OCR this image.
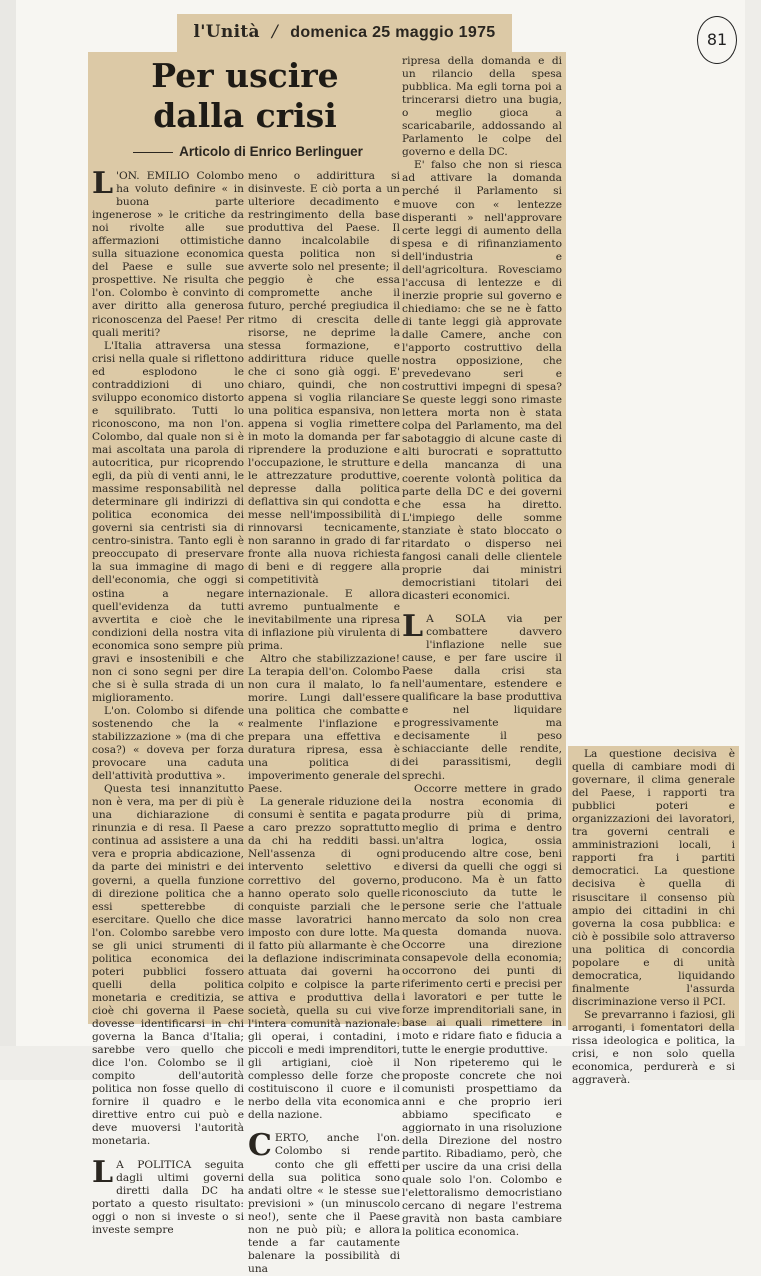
l'Unità / domenica 25 maggio 1975	81
Per uscire
dalla crisi
Articolo di Enrico Berlinguer

L 'ON. EMILIO Colombo ha voluto definire « in buona parte ingenerose » le critiche da noi rivolte alle sue affermazioni ottimistiche sulla situazione economica del Paese e sulle sue prospettive. Ne risulta che l'on. Colombo è convinto di aver diritto alla generosa riconoscenza del Paese! Per quali meriti?

L'Italia attraversa una crisi nella quale si riflettono ed esplodono le contraddizioni di uno sviluppo economico distorto e squilibrato. Tutti lo riconoscono, ma non l'on. Colombo, dal quale non si è mai ascoltata una parola di autocritica, pur ricoprendo egli, da più di venti anni, le massime responsabilità nel determinare gli indirizzi di politica economica dei governi sia centristi sia di centro-sinistra. Tanto egli è preoccupato di preservare la sua immagine di mago dell'economia, che oggi si ostina a negare quell'evidenza da tutti avvertita e cioè che le condizioni della nostra vita economica sono sempre più gravi e insostenibili e che non ci sono segni per dire che si è sulla strada di un miglioramento.

L'on. Colombo si difende sostenendo che la « stabilizzazione » (ma di che cosa?) « doveva per forza provocare una caduta dell'attività produttiva ».

Questa tesi innanzitutto non è vera, ma per di più è una dichiarazione di rinunzia e di resa. Il Paese continua ad assistere a una vera e propria abdicazione, da parte dei ministri e dei governi, a quella funzione di direzione politica che a essi spetterebbe di esercitare. Quello che dice l'on. Colombo sarebbe vero se gli unici strumenti di politica economica dei poteri pubblici fossero quelli della politica monetaria e creditizia, se cioè chi governa il Paese dovesse identificarsi in chi governa la Banca d'Italia; sarebbe vero quello che dice l'on. Colombo se il compito dell'autorità politica non fosse quello di fornire il quadro e le direttive entro cui può e deve muoversi l'autorità monetaria.

L A POLITICA seguita dagli ultimi governi diretti dalla DC ha portato a questo risultato: oggi o non si investe o si investe sempre

meno o addirittura si disinveste. E ciò porta a un ulteriore decadimento e restringimento della base produttiva del Paese. Il danno incalcolabile di questa politica non si avverte solo nel presente; il peggio è che essa compromette anche il futuro, perché pregiudica il ritmo di crescita delle risorse, ne deprime la stessa formazione, e addirittura riduce quelle che ci sono già oggi. E' chiaro, quindi, che non appena si voglia rilanciare una politica espansiva, non appena si voglia rimettere in moto la domanda per far riprendere la produzione e l'occupazione, le strutture e le attrezzature produttive, depresse dalla politica deflattiva sin qui condotta e messe nell'impossibilità di rinnovarsi tecnicamente, non saranno in grado di far fronte alla nuova richiesta di beni e di reggere alla competitività internazionale. E allora avremo puntualmente e inevitabilmente una ripresa di inflazione più virulenta di prima.

Altro che stabilizzazione! La terapia dell'on. Colombo non cura il malato, lo fa morire. Lungi dall'essere una politica che combatte realmente l'inflazione e prepara una effettiva e duratura ripresa, essa è una politica di impoverimento generale del Paese.

La generale riduzione dei consumi è sentita e pagata a caro prezzo soprattutto da chi ha redditi bassi. Nell'assenza di ogni intervento selettivo e correttivo del governo, hanno operato solo quelle conquiste parziali che le masse lavoratrici hanno imposto con dure lotte. Ma il fatto più allarmante è che la deflazione indiscriminata attuata dai governi ha colpito e colpisce la parte attiva e produttiva della società, quella su cui vive l'intera comunità nazionale: gli operai, i contadini, i piccoli e medi imprenditori, gli artigiani, cioè il complesso delle forze che costituiscono il cuore e il nerbo della vita economica della nazione.

CERTO, anche l'on. Colombo si rende conto che gli effetti della sua politica sono andati oltre « le stesse sue previsioni » (un minuscolo neo!), sente che il Paese non ne può più; e allora tende a far cautamente balenare la possibilità di una

ripresa della domanda e di un rilancio della spesa pubblica. Ma egli torna poi a trincerarsi dietro una bugia, o meglio gioca a scaricabarile, addossando al Parlamento le colpe del governo e della DC.

E' falso che non si riesca ad attivare la domanda perché il Parlamento si muove con « lentezze disperanti » nell'approvare certe leggi di aumento della spesa e di rifinanziamento dell'industria e dell'agricoltura. Rovesciamo l'accusa di lentezze e di inerzie proprie sul governo e chiediamo: che se ne è fatto di tante leggi già approvate dalle Camere, anche con l'apporto costruttivo della nostra opposizione, che prevedevano seri e costruttivi impegni di spesa? Se queste leggi sono rimaste lettera morta non è stata colpa del Parlamento, ma del sabotaggio di alcune caste di alti burocrati e soprattutto della mancanza di una coerente volontà politica da parte della DC e dei governi che essa ha diretto. L'impiego delle somme stanziate è stato bloccato o ritardato o disperso nei fangosi canali delle clientele proprie dai ministri democristiani titolari dei dicasteri economici.

L A SOLA via per combattere davvero l'inflazione nelle sue cause, e per fare uscire il Paese dalla crisi sta nell'aumentare, estendere e qualificare la base produttiva e nel liquidare progressivamente ma decisamente il peso schiacciante delle rendite, dei parassitismi, degli sprechi.

Occorre mettere in grado la nostra economia di produrre più di prima, meglio di prima e dentro un'altra logica, ossia producendo altre cose, beni diversi da quelli che oggi si producono. Ma è un fatto riconosciuto da tutte le persone serie che l'attuale mercato da solo non crea questa domanda nuova. Occorre una direzione consapevole della economia; occorrono dei punti di riferimento certi e precisi per i lavoratori e per tutte le forze imprenditoriali sane, in base ai quali rimettere in moto e ridare fiato e fiducia a tutte le energie produttive.

Non ripeteremo qui le proposte concrete che noi comunisti prospettiamo da anni e che proprio ieri abbiamo specificato e aggiornato in una risoluzione della Direzione del nostro partito. Ribadiamo, però, che per uscire da una crisi della quale solo l'on. Colombo e l'elettoralismo democristiano cercano di negare l'estrema gravità non basta cambiare la politica economica.

La questione decisiva è quella di cambiare modi di governare, il clima generale del Paese, i rapporti tra pubblici poteri e organizzazioni dei lavoratori, tra governi centrali e amministrazioni locali, i rapporti fra i partiti democratici. La questione decisiva è quella di risuscitare il consenso più ampio dei cittadini in chi governa la cosa pubblica: e ciò è possibile solo attraverso una politica di concordia popolare e di unità democratica, liquidando finalmente l'assurda discriminazione verso il PCI.

Se prevarranno i faziosi, gli arroganti, i fomentatori della rissa ideologica e politica, la crisi, e non solo quella economica, perdurerà e si aggraverà.
